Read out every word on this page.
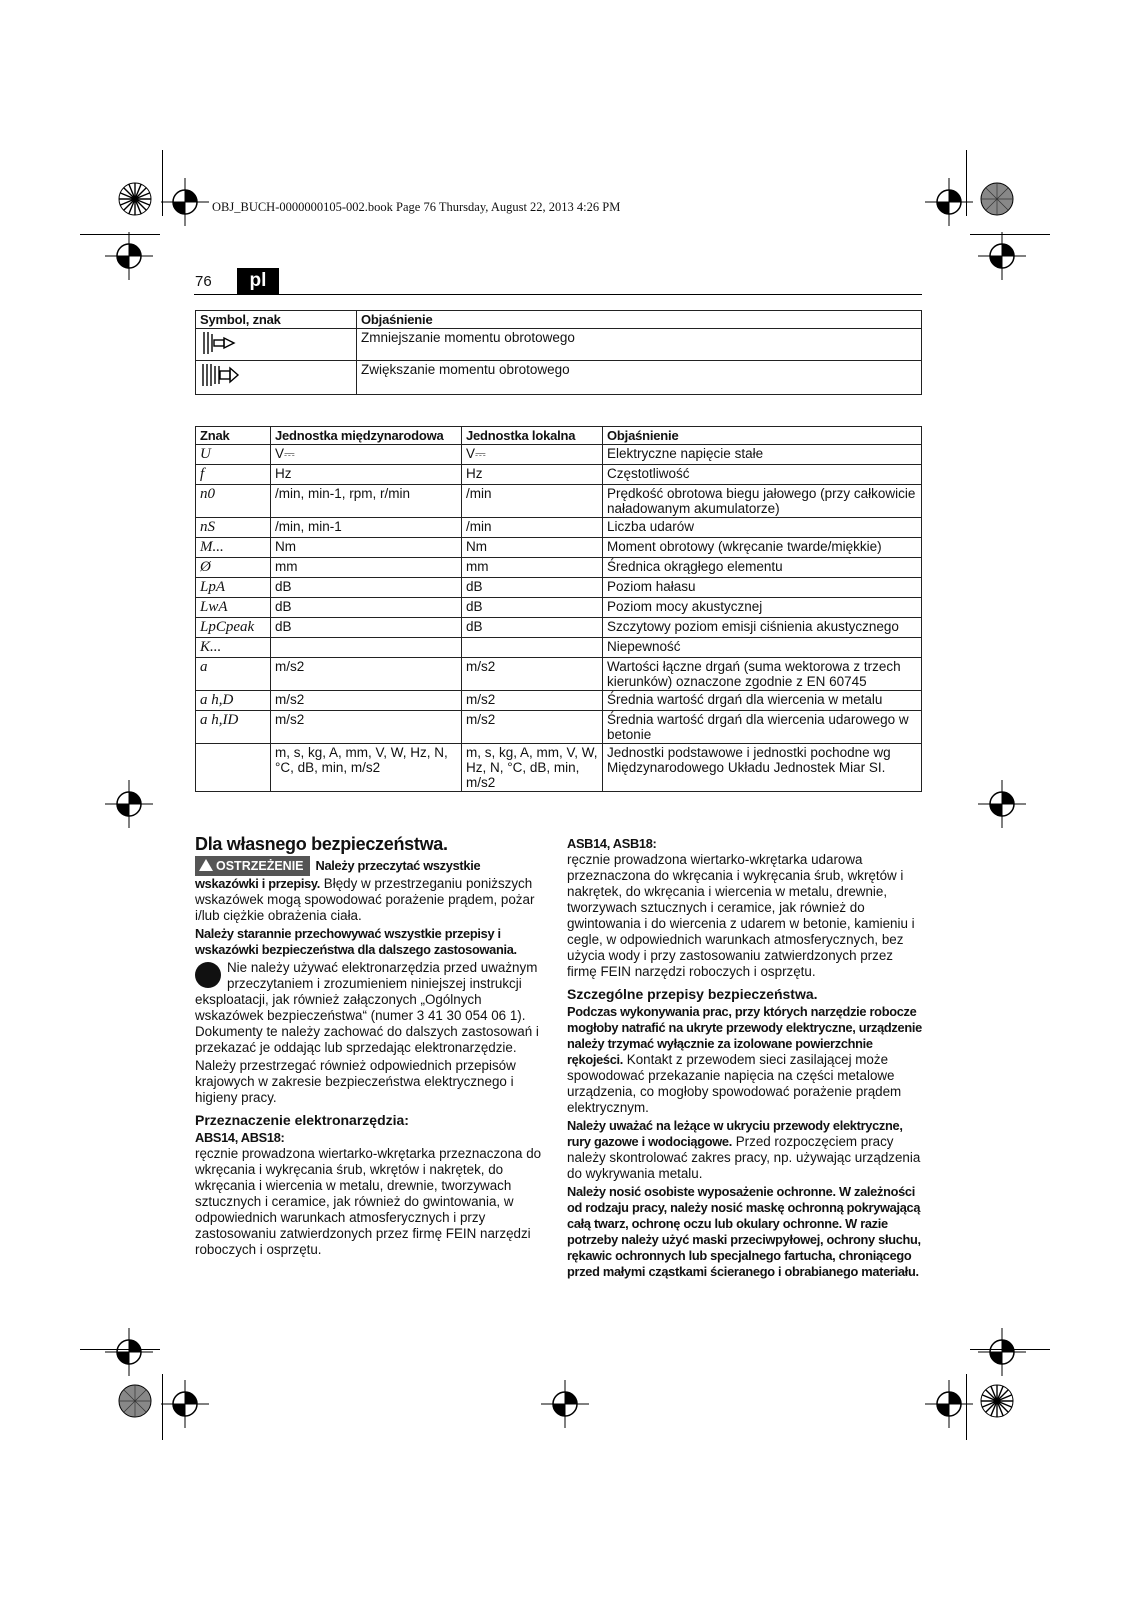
OBJ_BUCH-0000000105-002.book Page 76 Thursday, August 22, 2013 4:26 PM
76	pl
Symbol, znak	Objaśnienie
	Zmniejszanie momentu obrotowego
	Zwiększanie momentu obrotowego
Znak	Jednostka międzynarodowa	Jednostka lokalna	Objaśnienie
U	V⎓	V⎓	Elektryczne napięcie stałe
f	Hz	Hz	Częstotliwość
n0	/min, min-1, rpm, r/min	/min	Prędkość obrotowa biegu jałowego (przy całkowicie naładowanym akumulatorze)
nS	/min, min-1	/min	Liczba udarów
M...	Nm	Nm	Moment obrotowy (wkręcanie twarde/miękkie)
Ø	mm	mm	Średnica okrągłego elementu
LpA	dB	dB	Poziom hałasu
LwA	dB	dB	Poziom mocy akustycznej
LpCpeak	dB	dB	Szczytowy poziom emisji ciśnienia akustycznego
K...			Niepewność
a	m/s2	m/s2	Wartości łączne drgań (suma wektorowa z trzech kierunków) oznaczone zgodnie z EN 60745
a h,D	m/s2	m/s2	Średnia wartość drgań dla wiercenia w metalu
a h,ID	m/s2	m/s2	Średnia wartość drgań dla wiercenia udarowego w betonie
	m, s, kg, A, mm, V, W, Hz, N, °C, dB, min, m/s2	m, s, kg, A, mm, V, W, Hz, N, °C, dB, min, m/s2	Jednostki podstawowe i jednostki pochodne wg Międzynarodowego Układu Jednostek Miar SI.
Dla własnego bezpieczeństwa.

OSTRZEŻENIE Należy przeczytać wszystkie wskazówki i przepisy. Błędy w przestrzeganiu poniższych wskazówek mogą spowodować porażenie prądem, pożar i/lub ciężkie obrażenia ciała.

Należy starannie przechowywać wszystkie przepisy i wskazówki bezpieczeństwa dla dalszego zastosowania.

Nie należy używać elektronarzędzia przed uważnym przeczytaniem i zrozumieniem niniejszej instrukcji eksploatacji, jak również załączonych „Ogólnych wskazówek bezpieczeństwa“ (numer 3 41 30 054 06 1). Dokumenty te należy zachować do dalszych zastosowań i przekazać je oddając lub sprzedając elektronarzędzie.

Należy przestrzegać również odpowiednich przepisów krajowych w zakresie bezpieczeństwa elektrycznego i higieny pracy.

Przeznaczenie elektronarzędzia:
ABS14, ABS18:

ręcznie prowadzona wiertarko-wkrętarka przeznaczona do wkręcania i wykręcania śrub, wkrętów i nakrętek, do wkręcania i wiercenia w metalu, drewnie, tworzywach sztucznych i ceramice, jak również do gwintowania, w odpowiednich warunkach atmosferycznych i przy zastosowaniu zatwierdzonych przez firmę FEIN narzędzi roboczych i osprzętu.

ASB14, ASB18:

ręcznie prowadzona wiertarko-wkrętarka udarowa przeznaczona do wkręcania i wykręcania śrub, wkrętów i nakrętek, do wkręcania i wiercenia w metalu, drewnie, tworzywach sztucznych i ceramice, jak również do gwintowania i do wiercenia z udarem w betonie, kamieniu i cegle, w odpowiednich warunkach atmosferycznych, bez użycia wody i przy zastosowaniu zatwierdzonych przez firmę FEIN narzędzi roboczych i osprzętu.

Szczególne przepisy bezpieczeństwa.

Podczas wykonywania prac, przy których narzędzie robocze mogłoby natrafić na ukryte przewody elektryczne, urządzenie należy trzymać wyłącznie za izolowane powierzchnie rękojeści. Kontakt z przewodem sieci zasilającej może spowodować przekazanie napięcia na części metalowe urządzenia, co mogłoby spowodować porażenie prądem elektrycznym.

Należy uważać na leżące w ukryciu przewody elektryczne, rury gazowe i wodociągowe. Przed rozpoczęciem pracy należy skontrolować zakres pracy, np. używając urządzenia do wykrywania metalu.

Należy nosić osobiste wyposażenie ochronne. W zależności od rodzaju pracy, należy nosić maskę ochronną pokrywającą całą twarz, ochronę oczu lub okulary ochronne. W razie potrzeby należy użyć maski przeciwpyłowej, ochrony słuchu, rękawic ochronnych lub specjalnego fartucha, chroniącego przed małymi cząstkami ścieranego i obrabianego materiału.
